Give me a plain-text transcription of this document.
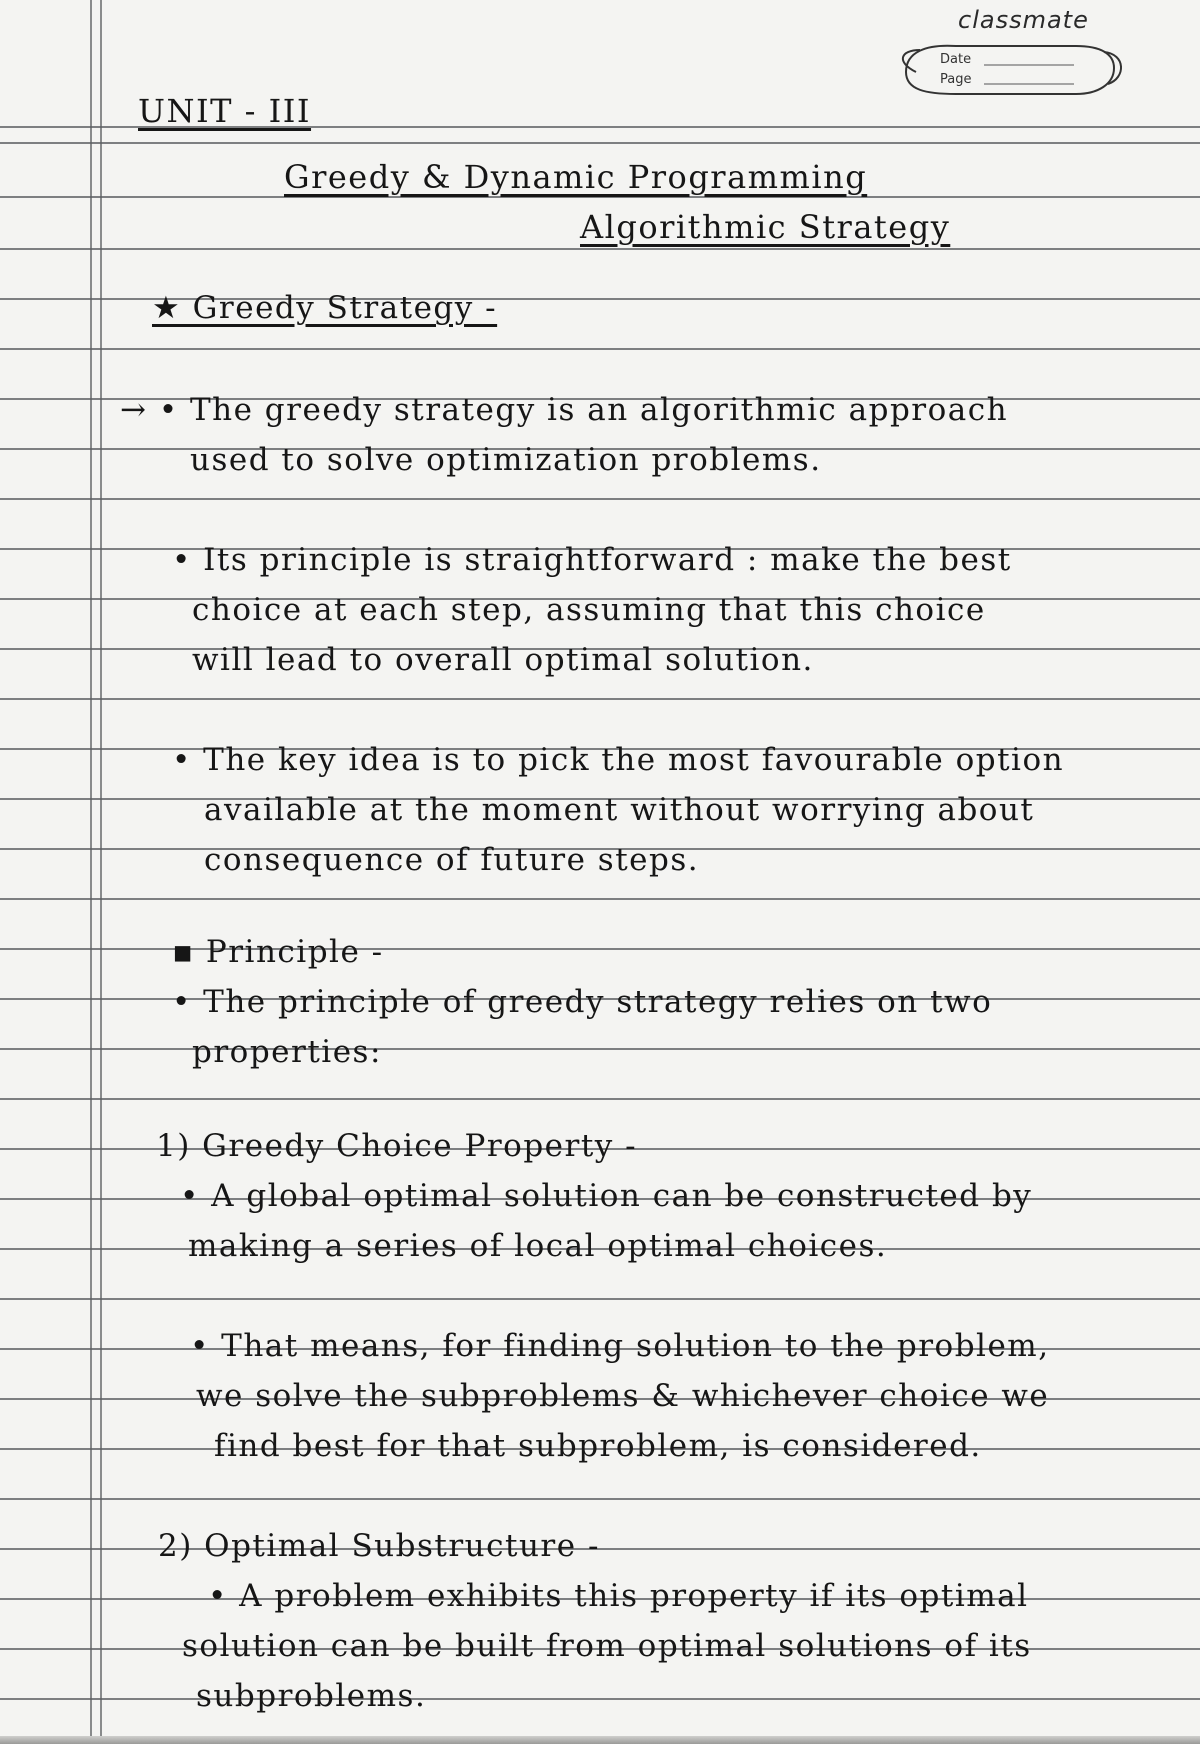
classmate
Date
Page
UNIT - III
Greedy & Dynamic Programming
Algorithmic Strategy
★ Greedy Strategy -
→ • The greedy strategy is an algorithmic approach
used to solve optimization problems.
• Its principle is straightforward : make the best
choice at each step, assuming that this choice
will lead to overall optimal solution.
• The key idea is to pick the most favourable option
available at the moment without worrying about
consequence of future steps.
▪ Principle -
• The principle of greedy strategy relies on two
properties:
1) Greedy Choice Property -
• A global optimal solution can be constructed by
making a series of local optimal choices.
• That means, for finding solution to the problem,
we solve the subproblems & whichever choice we
find best for that subproblem, is considered.
2) Optimal Substructure -
• A problem exhibits this property if its optimal
solution can be built from optimal solutions of its
subproblems.
